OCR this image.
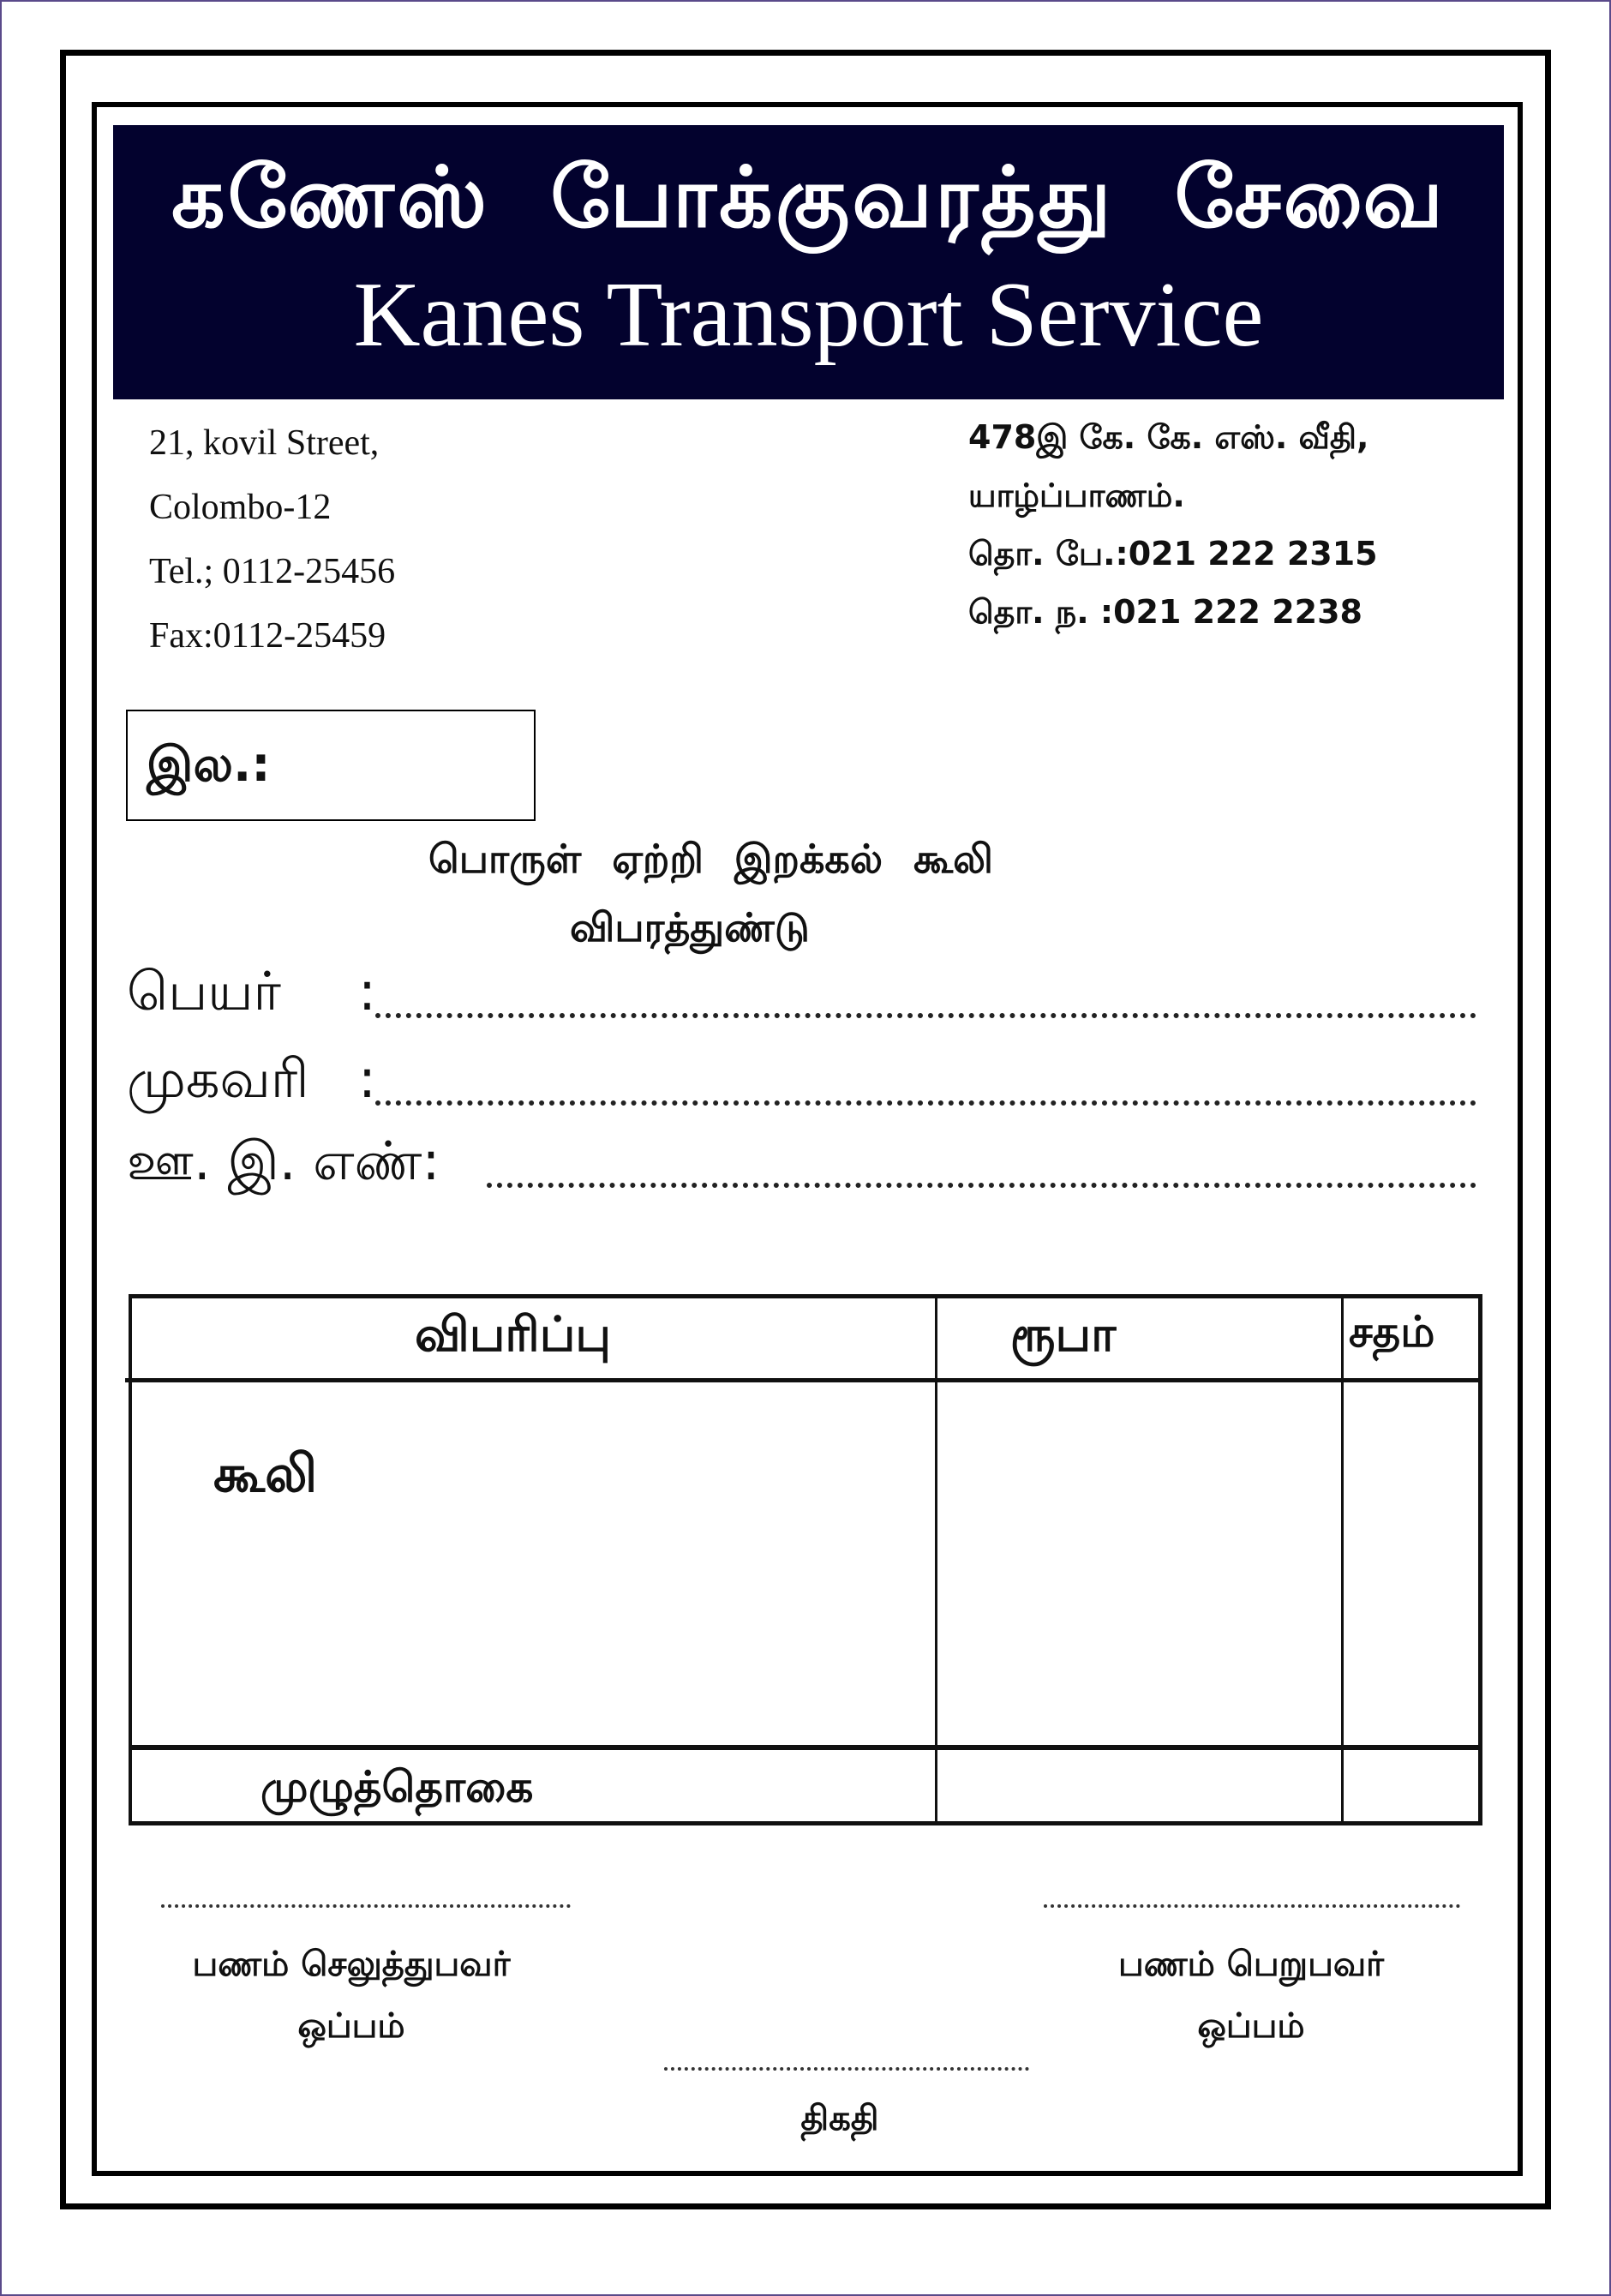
கணேஸ் போக்குவரத்து சேவை
Kanes Transport Service
21, kovil Street,
Colombo-12
Tel.; 0112-25456
Fax:0112-25459
478இ கே. கே. எஸ். வீதி,
யாழ்ப்பாணம்.
தொ. பே.:021 222 2315
தொ. ந. :021 222 2238
இல.:
பொருள் ஏற்றி இறக்கல் கூலி
விபரத்துண்டு
பெயர் :
முகவரி :
ஊ. இ. எண்:
விபரிப்பு	ரூபா	சதம்
கூலி
முழுத்தொகை
பணம் செலுத்துபவர்
ஒப்பம்
பணம் பெறுபவர்
ஒப்பம்
திகதி
